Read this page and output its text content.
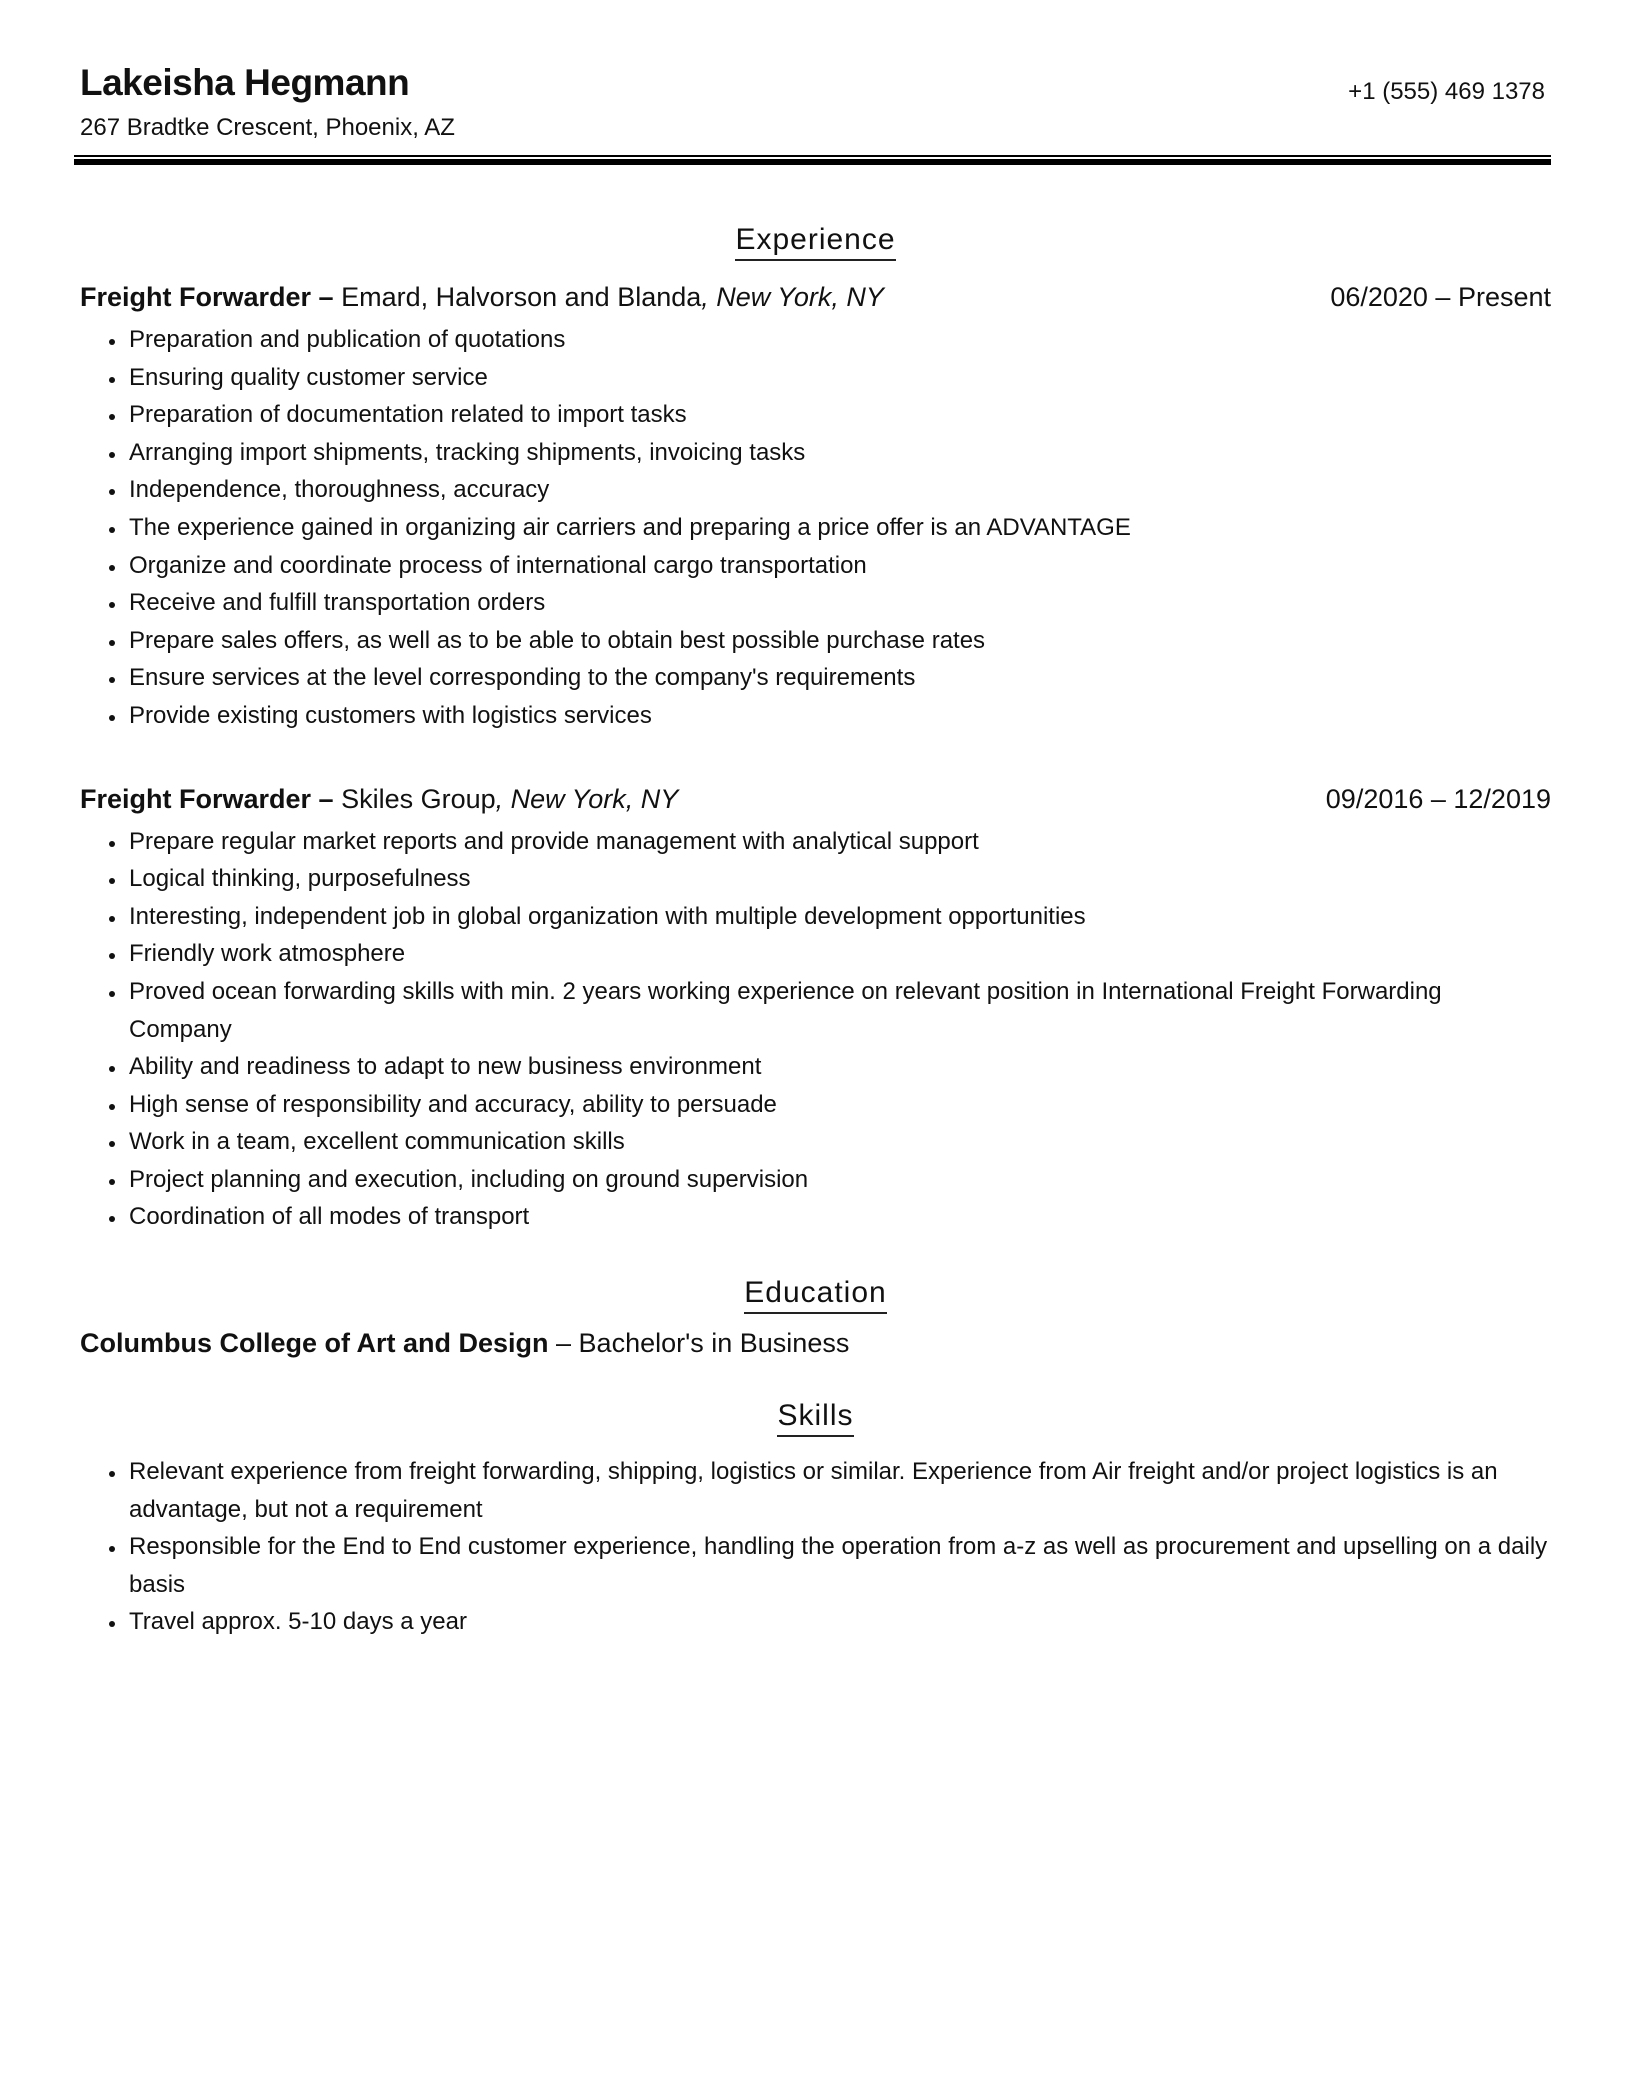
Lakeisha Hegmann
267 Bradtke Crescent, Phoenix, AZ
+1 (555) 469 1378
Experience
Freight Forwarder – Emard, Halvorson and Blanda, New York, NY	06/2020 – Present
• Preparation and publication of quotations
• Ensuring quality customer service
• Preparation of documentation related to import tasks
• Arranging import shipments, tracking shipments, invoicing tasks
• Independence, thoroughness, accuracy
• The experience gained in organizing air carriers and preparing a price offer is an ADVANTAGE
• Organize and coordinate process of international cargo transportation
• Receive and fulfill transportation orders
• Prepare sales offers, as well as to be able to obtain best possible purchase rates
• Ensure services at the level corresponding to the company's requirements
• Provide existing customers with logistics services
Freight Forwarder – Skiles Group, New York, NY	09/2016 – 12/2019
• Prepare regular market reports and provide management with analytical support
• Logical thinking, purposefulness
• Interesting, independent job in global organization with multiple development opportunities
• Friendly work atmosphere
• Proved ocean forwarding skills with min. 2 years working experience on relevant position in International Freight Forwarding Company
• Ability and readiness to adapt to new business environment
• High sense of responsibility and accuracy, ability to persuade
• Work in a team, excellent communication skills
• Project planning and execution, including on ground supervision
• Coordination of all modes of transport
Education
Columbus College of Art and Design – Bachelor's in Business
Skills
• Relevant experience from freight forwarding, shipping, logistics or similar. Experience from Air freight and/or project logistics is an advantage, but not a requirement
• Responsible for the End to End customer experience, handling the operation from a-z as well as procurement and upselling on a daily basis
• Travel approx. 5-10 days a year
